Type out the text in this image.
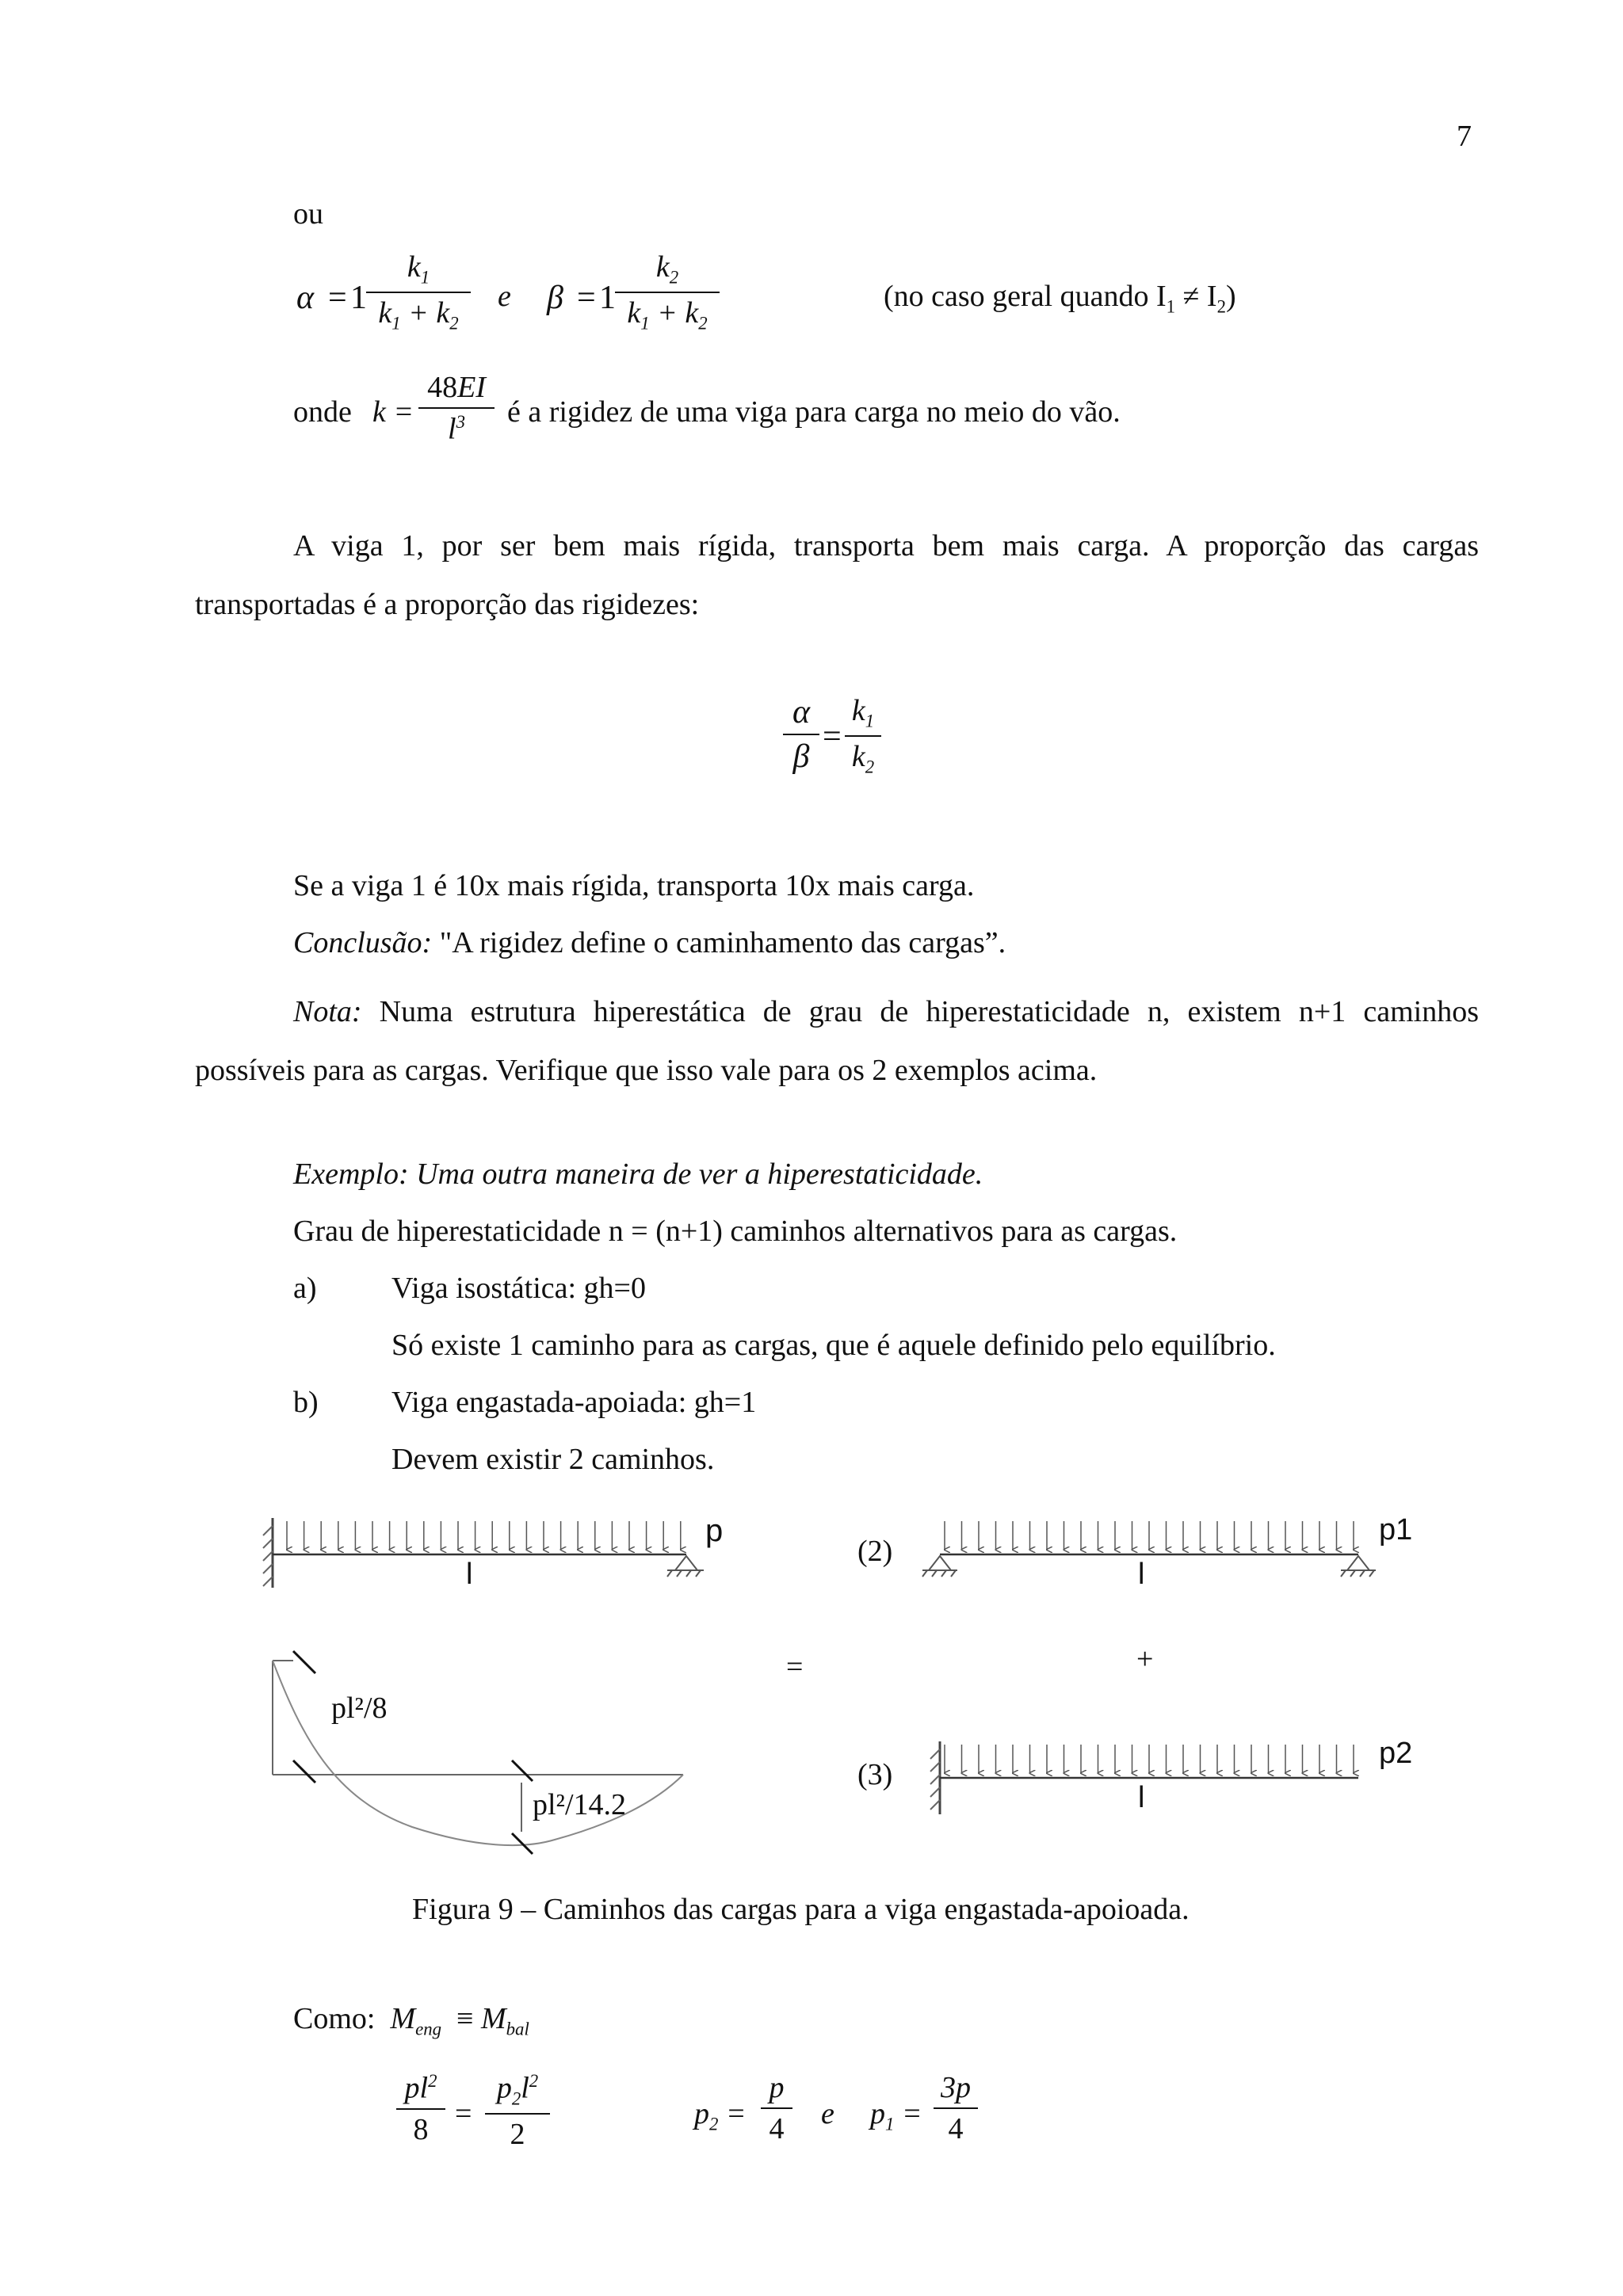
7
ou
α = 1
$k_1$
$k_1 + k_2$
e β = 1
$k_2$
$k_1 + k_2$
(no caso geral quando $I_1 \ne I_2$)
onde k =
48EI
$l^3$	é a rigidez de uma viga para carga no meio do vão.
A viga 1, por ser bem mais rígida, transporta bem mais carga. A proporção das cargas transportadas é a proporção das rigidezes:
α
β
=
$k_1$
$k_2$
Se a viga 1 é 10x mais rígida, transporta 10x mais carga.
Conclusão: "A rigidez define o caminhamento das cargas”.
Nota: Numa estrutura hiperestática de grau de hiperestaticidade n, existem n+1 caminhos possíveis para as cargas. Verifique que isso vale para os 2 exemplos acima.
Exemplo: Uma outra maneira de ver a hiperestaticidade.
Grau de hiperestaticidade n = (n+1) caminhos alternativos para as cargas.
a) Viga isostática: gh=0
Só existe 1 caminho para as cargas, que é aquele definido pelo equilíbrio.
b) Viga engastada-apoiada: gh=1
Devem existir 2 caminhos.
p
l
(2)
p1
l
=	+
(3)
p2
l
pl²/8
pl²/14.2
Figura 9 – Caminhos das cargas para a viga engastada-apoioada.
Como: $M_{eng} \equiv M_{bal}$
$pl^2$
8 =
$p_2l^2$
2
$p_2$ =
p
4 e $p_1$ =
3p
4
